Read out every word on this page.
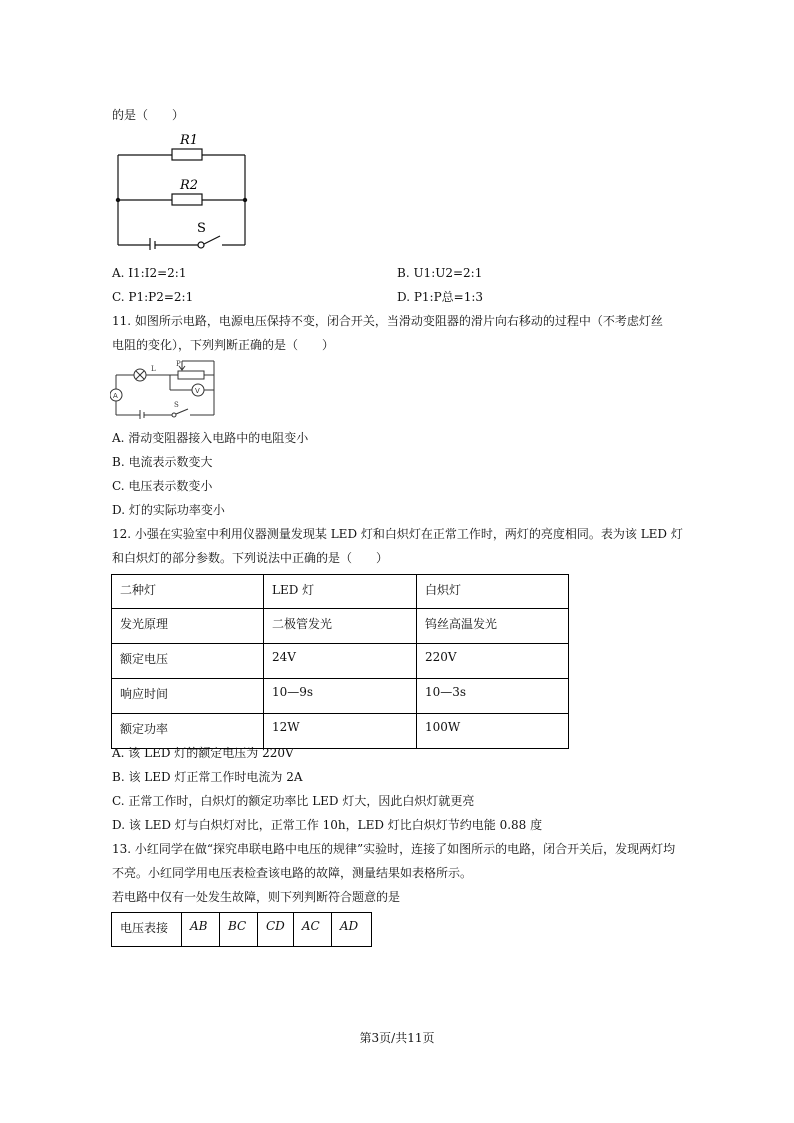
的是（　　）
R1
R2
S
A. I1:I2=2:1	B. U1:U2=2:1
C. P1:P2=2:1	D. P1:P总=1:3
11. 如图所示电路，电源电压保持不变，闭合开关，当滑动变阻器的滑片向右移动的过程中（不考虑灯丝
电阻的变化），下列判断正确的是（　　）
L
P
V
A
S
A. 滑动变阻器接入电路中的电阻变小
B. 电流表示数变大
C. 电压表示数变小
D. 灯的实际功率变小
12. 小强在实验室中利用仪器测量发现某 LED 灯和白炽灯在正常工作时，两灯的亮度相同。表为该 LED 灯
和白炽灯的部分参数。下列说法中正确的是（　　）
二种灯	LED 灯	白炽灯
发光原理	二极管发光	钨丝高温发光
额定电压	24V	220V
响应时间	10—9s	10—3s
额定功率	12W	100W
A. 该 LED 灯的额定电压为 220V
B. 该 LED 灯正常工作时电流为 2A
C. 正常工作时，白炽灯的额定功率比 LED 灯大，因此白炽灯就更亮
D. 该 LED 灯与白炽灯对比，正常工作 10h，LED 灯比白炽灯节约电能 0.88 度
13. 小红同学在做“探究串联电路中电压的规律”实验时，连接了如图所示的电路，闭合开关后，发现两灯均
不亮。小红同学用电压表检查该电路的故障，测量结果如表格所示。
若电路中仅有一处发生故障，则下列判断符合题意的是
电压表接	AB	BC	CD	AC	AD
第3页/共11页
